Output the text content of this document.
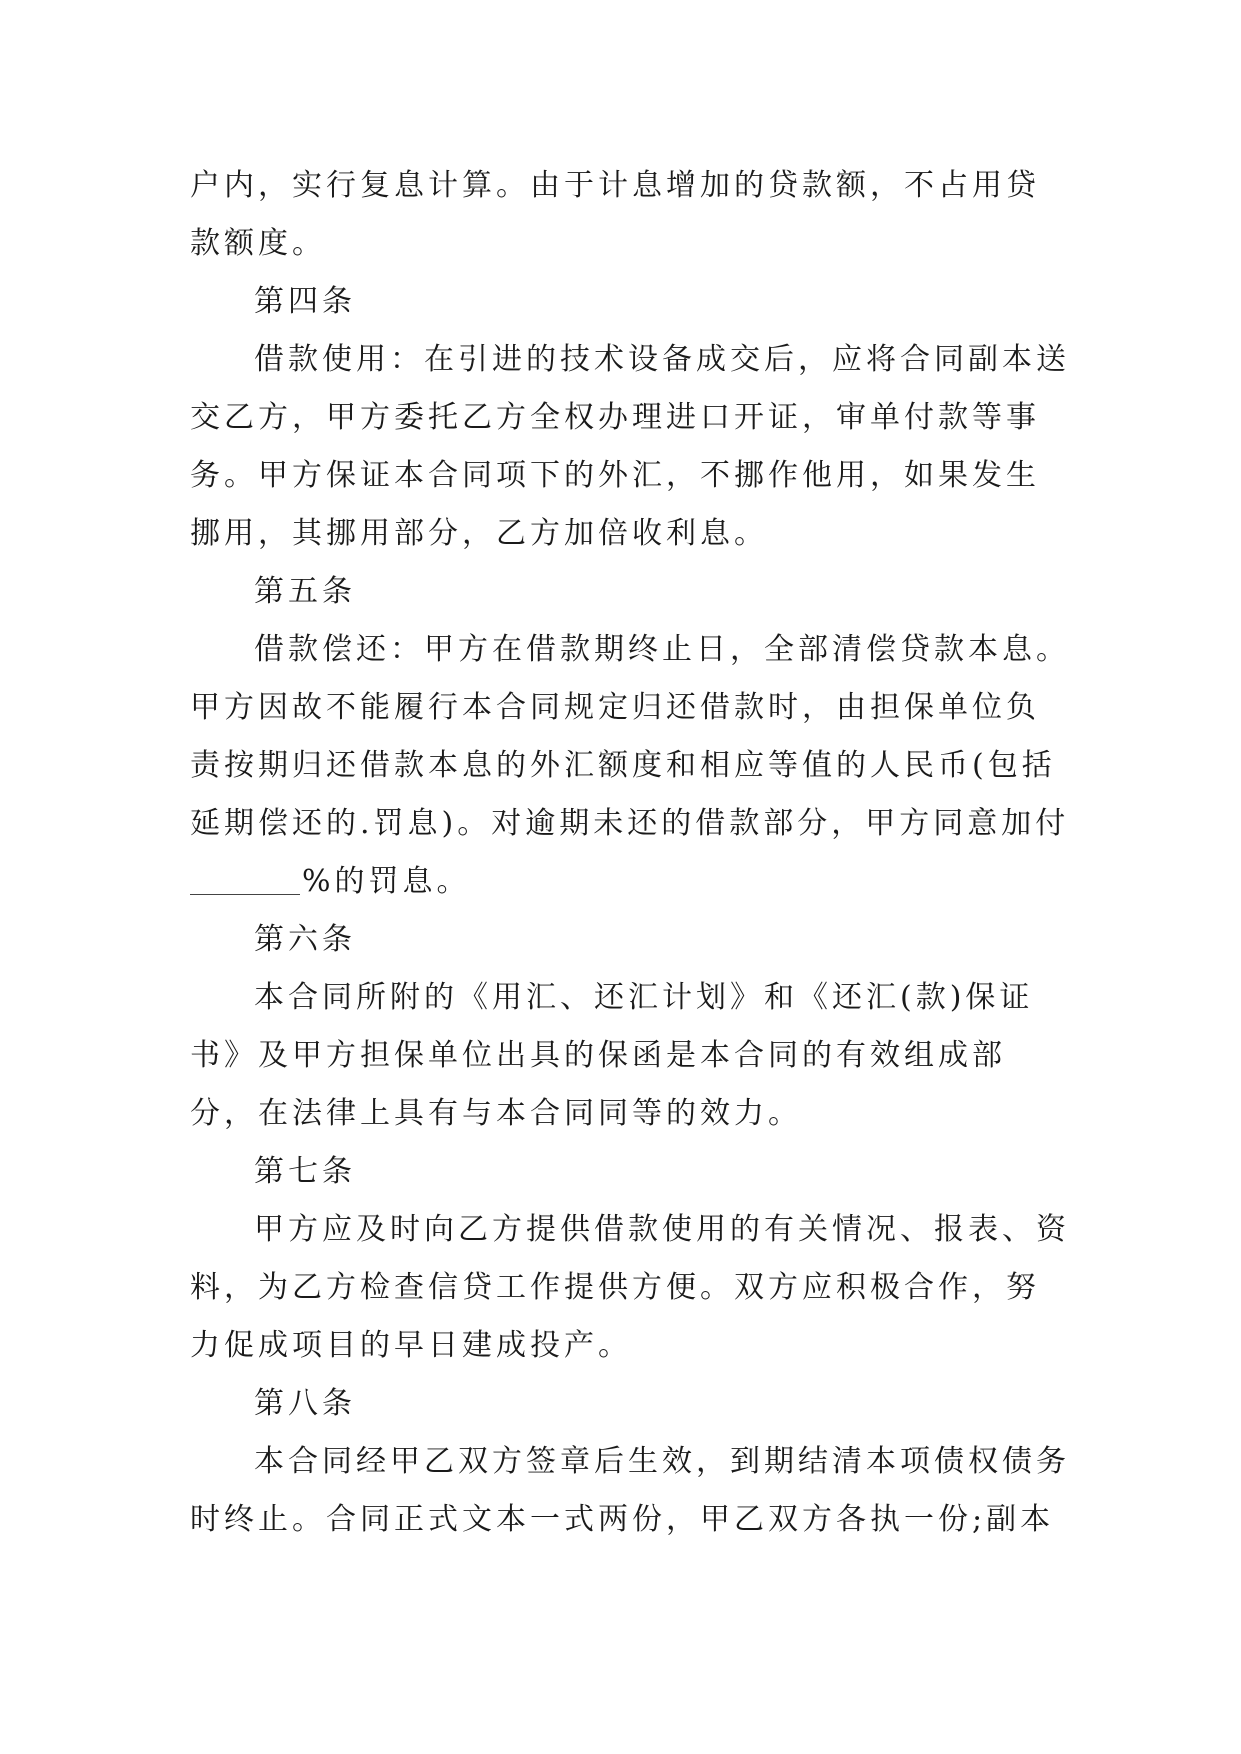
户内，实行复息计算。由于计息增加的贷款额，不占用贷款额度。

第四条

借款使用：在引进的技术设备成交后，应将合同副本送交乙方，甲方委托乙方全权办理进口开证，审单付款等事务。甲方保证本合同项下的外汇，不挪作他用，如果发生挪用，其挪用部分，乙方加倍收利息。

第五条

借款偿还：甲方在借款期终止日，全部清偿贷款本息。甲方因故不能履行本合同规定归还借款时，由担保单位负责按期归还借款本息的外汇额度和相应等值的人民币(包括延期偿还的.罚息)。对逾期未还的借款部分，甲方同意加付

%的罚息。

第六条

本合同所附的《用汇、还汇计划》和《还汇(款)保证书》及甲方担保单位出具的保函是本合同的有效组成部分，在法律上具有与本合同同等的效力。

第七条

甲方应及时向乙方提供借款使用的有关情况、报表、资料，为乙方检查信贷工作提供方便。双方应积极合作，努力促成项目的早日建成投产。

第八条

本合同经甲乙双方签章后生效，到期结清本项债权债务时终止。合同正式文本一式两份，甲乙双方各执一份;副本
